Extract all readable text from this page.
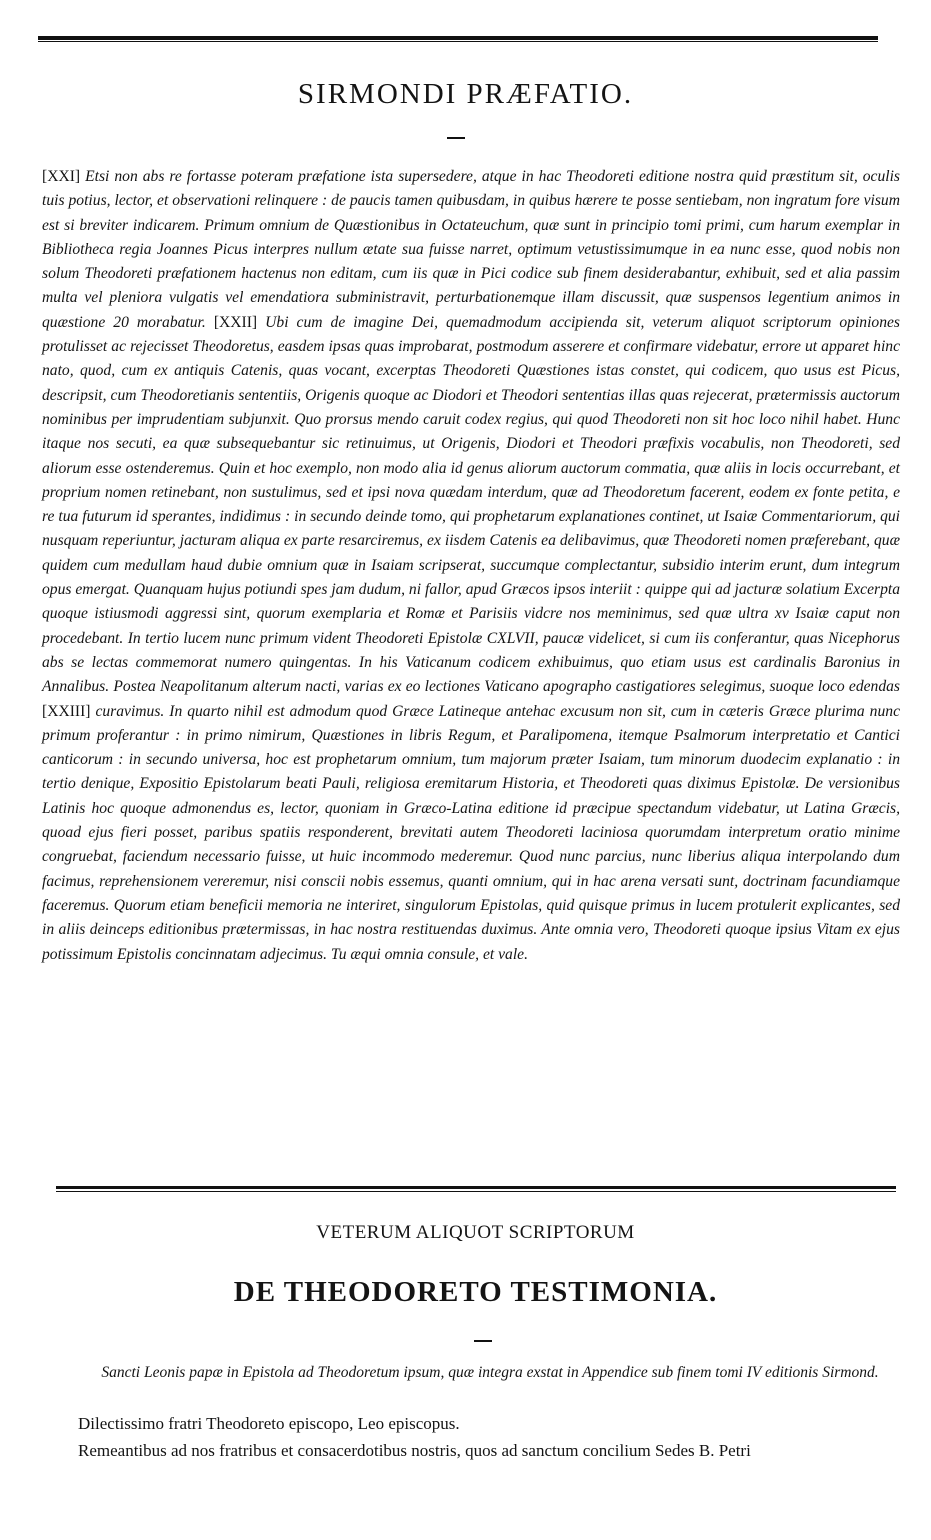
SIRMONDI PRÆFATIO.
[XXI] Etsi non abs re fortasse poteram præfatione ista supersedere, atque in hac Theodoreti editione nostra quid præstitum sit, oculis tuis potius, lector, et observationi relinquere : de paucis tamen quibusdam, in quibus hærere te posse sentiebam, non ingratum fore visum est si breviter indicarem. Primum omnium de Quæstionibus in Octateuchum, quæ sunt in principio tomi primi, cum harum exemplar in Bibliotheca regia Joannes Picus interpres nullum ætate sua fuisse narret, optimum vetustissimumque in ea nunc esse, quod nobis non solum Theodoreti præfationem hactenus non editam, cum iis quæ in Pici codice sub finem desiderabantur, exhibuit, sed et alia passim multa vel pleniora vulgatis vel emendatiora subministravit, perturbationemque illam discussit, quæ suspensos legentium animos in quæstione 20 morabatur. [XXII] Ubi cum de imagine Dei, quemadmodum accipienda sit, veterum aliquot scriptorum opiniones protulisset ac rejecisset Theodoretus, easdem ipsas quas improbarat, postmodum asserere et confirmare videbatur, errore ut apparet hinc nato, quod, cum ex antiquis Catenis, quas vocant, excerptas Theodoreti Quæstiones istas constet, qui codicem, quo usus est Picus, descripsit, cum Theodoretianis sententiis, Origenis quoque ac Diodori et Theodori sententias illas quas rejecerat, prætermissis auctorum nominibus per imprudentiam subjunxit. Quo prorsus mendo caruit codex regius, qui quod Theodoreti non sit hoc loco nihil habet. Hunc itaque nos secuti, ea quæ subsequebantur sic retinuimus, ut Origenis, Diodori et Theodori præfixis vocabulis, non Theodoreti, sed aliorum esse ostenderemus. Quin et hoc exemplo, non modo alia id genus aliorum auctorum commatia, quæ aliis in locis occurrebant, et proprium nomen retinebant, non sustulimus, sed et ipsi nova quædam interdum, quæ ad Theodoretum facerent, eodem ex fonte petita, e re tua futurum id sperantes, indidimus : in secundo deinde tomo, qui prophetarum explanationes continet, ut Isaiæ Commentariorum, qui nusquam reperiuntur, jacturam aliqua ex parte resarciremus, ex iisdem Catenis ea delibavimus, quæ Theodoreti nomen præferebant, quæ quidem cum medullam haud dubie omnium quæ in Isaiam scripserat, succumque complectantur, subsidio interim erunt, dum integrum opus emergat. Quanquam hujus potiundi spes jam dudum, ni fallor, apud Græcos ipsos interiit : quippe qui ad jacturæ solatium Excerpta quoque istiusmodi aggressi sint, quorum exemplaria et Romæ et Parisiis vidcre nos meminimus, sed quæ ultra xv Isaiæ caput non procedebant. In tertio lucem nunc primum vident Theodoreti Epistolæ CXLVII, paucæ videlicet, si cum iis conferantur, quas Nicephorus abs se lectas commemorat numero quingentas. In his Vaticanum codicem exhibuimus, quo etiam usus est cardinalis Baronius in Annalibus. Postea Neapolitanum alterum nacti, varias ex eo lectiones Vaticano apographo castigatiores selegimus, suoque loco edendas [XXIII] curavimus. In quarto nihil est admodum quod Græce Latineque antehac excusum non sit, cum in cæteris Græce plurima nunc primum proferantur : in primo nimirum, Quæstiones in libris Regum, et Paralipomena, itemque Psalmorum interpretatio et Cantici canticorum : in secundo universa, hoc est prophetarum omnium, tum majorum præter Isaiam, tum minorum duodecim explanatio : in tertio denique, Expositio Epistolarum beati Pauli, religiosa eremitarum Historia, et Theodoreti quas diximus Epistolæ. De versionibus Latinis hoc quoque admonendus es, lector, quoniam in Græco-Latina editione id præcipue spectandum videbatur, ut Latina Græcis, quoad ejus fieri posset, paribus spatiis responderent, brevitati autem Theodoreti laciniosa quorumdam interpretum oratio minime congruebat, faciendum necessario fuisse, ut huic incommodo mederemur. Quod nunc parcius, nunc liberius aliqua interpolando dum facimus, reprehensionem vereremur, nisi conscii nobis essemus, quanti omnium, qui in hac arena versati sunt, doctrinam facundiamque faceremus. Quorum etiam beneficii memoria ne interiret, singulorum Epistolas, quid quisque primus in lucem protulerit explicantes, sed in aliis deinceps editionibus prætermissas, in hac nostra restituendas duximus. Ante omnia vero, Theodoreti quoque ipsius Vitam ex ejus potissimum Epistolis concinnatam adjecimus. Tu æqui omnia consule, et vale.
VETERUM ALIQUOT SCRIPTORUM
DE THEODORETO TESTIMONIA.
Sancti Leonis papæ in Epistola ad Theodoretum ipsum, quæ integra exstat in Appendice sub finem tomi IV editionis Sirmond.
Dilectissimo fratri Theodoreto episcopo, Leo episcopus.
Remeantibus ad nos fratribus et consacerdotibus nostris, quos ad sanctum concilium Sedes B. Petri
